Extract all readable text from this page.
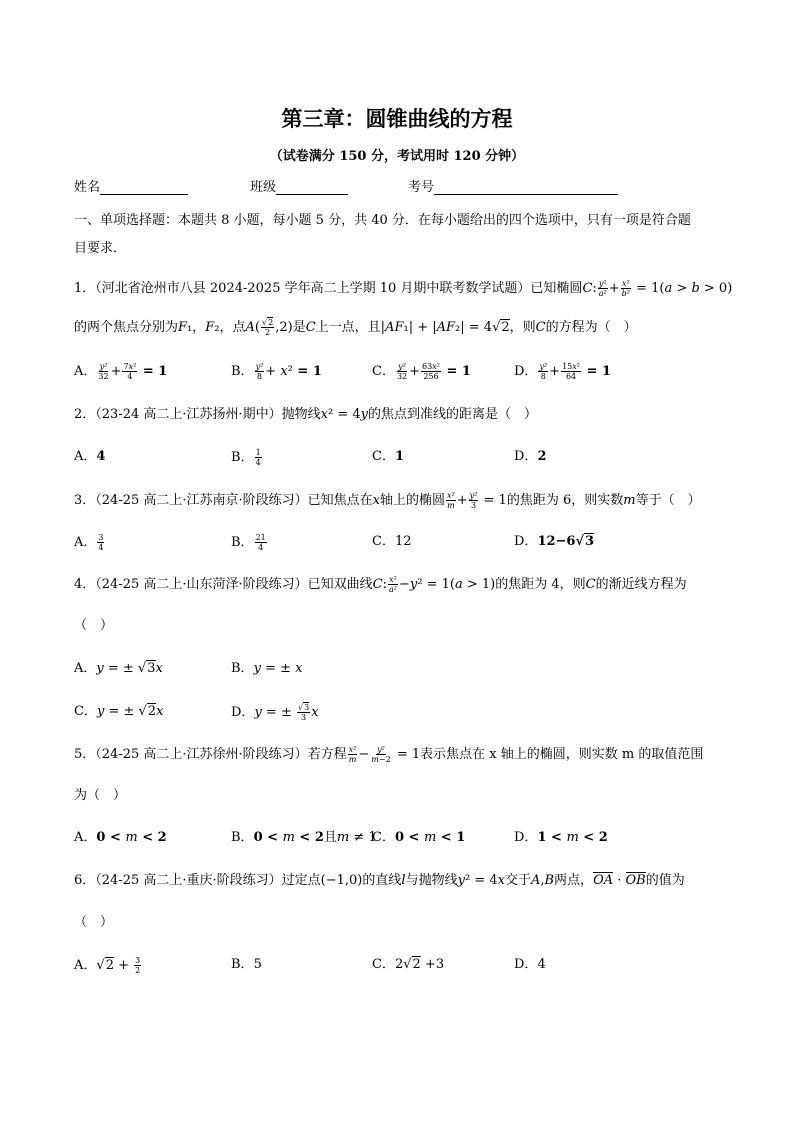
第三章：圆锥曲线的方程
（试卷满分 150 分，考试用时 120 分钟）
姓名	班级	考号
一、单项选择题：本题共 8 小题，每小题 5 分，共 40 分．在每小题给出的四个选项中，只有一项是符合题
目要求．
1．（河北省沧州市八县 2024-2025 学年高二上学期 10 月期中联考数学试题）已知椭圆C: $\frac{\text{y²}}{\text{a²}} + \frac{\text{x²}}{\text{b²}} = 1(a > b > 0)$
的两个焦点分别为F₁，F₂，点$A( \frac{√2}{2} ,2)$是C上一点，且|AF₁| + |AF₂| = 4√2，则C的方程为（　）
A． $\frac{\text{y²}}{32} + \frac{\text{7x²}}{4} = 1$	B． $\frac{\text{y²}}{8} + x^2 = 1$	C． $\frac{\text{y²}}{32} + \frac{\text{63x²}}{256} = 1$	D． $\frac{\text{y²}}{8} + \frac{\text{15x²}}{64} = 1$
2．（23-24 高二上·江苏扬州·期中）抛物线x² = 4y的焦点到准线的距离是（　）
A．4	B． $\frac{1}{4}$	C．1	D．2
3．（24-25 高二上·江苏南京·阶段练习）已知焦点在x轴上的椭圆 $\frac{\text{x²}}{m} + \frac{\text{y²}}{3} = 1$的焦距为 6，则实数m等于（　）
A． $\frac{3}{4}$	B． $\frac{21}{4}$	C．12	D．12−6√3
4．（24-25 高二上·山东菏泽·阶段练习）已知双曲线C: $\frac{\text{x²}}{\text{a²}} -y^2 = 1(a > 1)$的焦距为 4，则C的渐近线方程为
（　）
A．y = ± √3x	B．y = ± x
C．y = ± √2x	D．y = ± $\frac{√3}{3}$ x
5．（24-25 高二上·江苏徐州·阶段练习）若方程 $\frac{\text{x²}}{m} - \frac{\text{y²}}{m-2} = 1$表示焦点在 x 轴上的椭圆，则实数 m 的取值范围
为（　）
A．0 < m < 2	B．0 < m < 2且m ≠ 1
C．0 < m < 1	D．1 < m < 2
6．（24-25 高二上·重庆·阶段练习）过定点(−1,0)的直线l与抛物线y² = 4x交于A,B两点，OA · OB的值为
（　）
A．$√2 + \frac{3}{2}$	B．5	C．2√2 +3	D．4
